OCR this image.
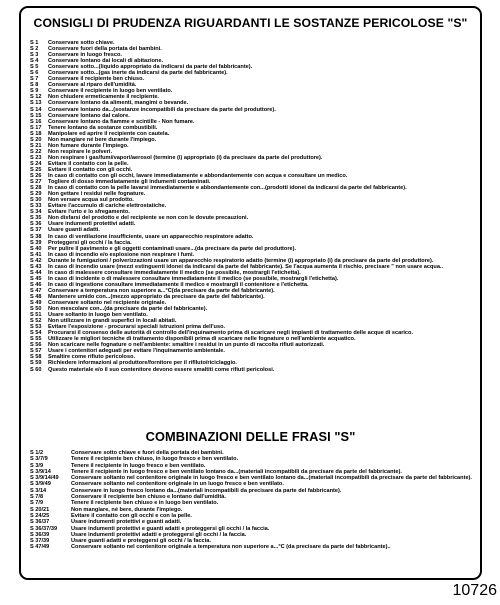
CONSIGLI DI PRUDENZA RIGUARDANTI LE SOSTANZE PERICOLOSE "S"
S 1	Conservare sotto chiave.
S 2	Conservare fuori della portata dei bambini.
S 3	Conservare in luogo fresco.
S 4	Conservare lontano dai locali di abitazione.
S 5	Conservare sotto...(liquido appropriato da indicarsi da parte del fabbricante).
S 6	Conservare sotto...(gas inerte da indicarsi da parte del fabbricante).
S 7	Conservare il recipiente ben chiuso.
S 8	Conservare al riparo dell'umidità.
S 9	Conservare il recipiente in luogo ben ventilato.
S 12	Non chiudere ermeticamente il recipiente.
S 13	Conservare lontano da alimenti, mangimi o bevande.
S 14	Conservare lontano da...(sostanze incompatibili da precisare da parte del produttore).
S 15	Conservare lontano dal calore.
S 16	Conservare lontano da fiamme e scintille - Non fumare.
S 17	Tenere lontano da sostanze combustibili.
S 18	Manipolare ed aprire il recipiente con cautela.
S 20	Non mangiare né bere durante l'impiego.
S 21	Non fumare durante l'impiego.
S 22	Non respirare le polveri.
S 23	Non respirare i gas/fumi/vapori/aerosol (termine (i) appropriato (i) da precisare da parte del produttore).
S 24	Evitare il contatto con la pelle.
S 25	Evitare il contatto con gli occhi.
S 26	In caso di contatto con gli occhi, lavare immediatamente e abbondantemente con acqua e consultare un medico.
S 27	Togliere di dosso immediatamente gli indumenti contaminati.
S 28	In caso di contatto con la pelle lavarsi immediatamente e abbondantemente con...(prodotti idonei da indicarsi da parte del fabbricante).
S 29	Non gettare i residui nelle fognature.
S 30	Non versare acqua sul prodotto.
S 33	Evitare l'accumulo di cariche elettrostatiche.
S 34	Evitare l'urto e lo sfregamento.
S 35	Non disfarsi del prodotto e del recipiente se non con le dovute precauzioni.
S 36	Usare indumenti protettivi adatti.
S 37	Usare guanti adatti.
S 38	In caso di ventilazione insufficiente, usare un apparecchio respiratore adatto.
S 39	Proteggersi gli occhi / la faccia.
S 40	Per pulire il pavimento e gli oggetti contaminati usare...(da precisare da parte del produttore).
S 41	In caso di incendio e/o esplosione non respirare i fumi.
S 42	Durante le fumigazioni / polverizzazioni usare un apparecchio respiratorio adatto (termine (i) appropriato (i) da precisare da parte del produttore).
S 43	In caso di incendio usare (mezzi estinguenti idonei da indicarsi da parte del fabbricante). Se l'acqua aumenta il rischio, precisare " non usare acqua..
S 44	In caso di malessere consultare immediatamente il medico (se possibile, mostrargli l'etichetta).
S 45	In caso di incidente o di malessere consultare immediatamente il medico (se possibile, mostrargli l'etichetta).
S 46	In caso di ingestione consultare immediatamente il medico e mostrargli il contenitore e l'etichetta.
S 47	Conservare a temperatura non superiore a...°C(da precisare da parte del fabbricante).
S 48	Mantenere umido con...(mezzo appropriato da precisare da parte del fabbricante).
S 49	Conservare soltanto nel recipiente originale.
S 50	Non mescolare con...(da precisare da parte del fabbricante).
S 51	Usare soltanto in luogo ben ventilato.
S 52	Non utilizzare in grandi superfici in locali abitati.
S 53	Evitare l'esposizione - procurarsi speciali istruzioni prima dell'uso.
S 54	Procurarsi il consenso delle autorità di controllo dell'inquinamento prima di scaricare negli impianti di trattamento delle acque di scarico.
S 55	Utilizzare le migliori tecniche di trattamento disponibili prima di scaricare nelle fognature o nell'ambiente acquatico.
S 56	Non scaricare nelle fognature o nell'ambiente: smaltire i residui in un punto di raccolta rifiuti autorizzati.
S 57	Usare i contenitori adeguati per evitare l'inquinamento ambientale.
S 58	Smaltire come rifiuto pericoloso.
S 59	Richiedere informazioni al produttore/fornitore per il riflluto/riciclaggio.
S 60	Questo materiale e/o il suo contenitore devono essere smaltiti come rifiuti pericolosi.
COMBINAZIONI DELLE FRASI "S"
S 1/2	Conservare sotto chiave e fuori della portata dei bambini.
S 3/7/9	Tenere il recipiente ben chiuso, in luogo fresco e ben ventilato.
S 3/9	Tenere il recipiente in luogo fresco e ben ventilato.
S 3/9/14	Tenere il recipiente in luogo fresco e ben ventilato lontano da...(materiali incompatibili da precisare da parte del fabbricante).
S 3/9/14/49	Conservare soltanto nel contenitore originale in luogo fresco e ben ventilato lontano da...(materiali incompatibili da precisare da parte del fabbricante).
S 3/9/49	Conservare soltanto nel contenitore originale in un luogo fresco e ben ventilato.
S 3/14	Conservare in luogo fresco lontano da...(materiali incompatibili da precisare da parte del fabbricante).
S 7/8	Conservare il recipiente ben chiuso e lontano dall'umidità.
S 7/9	Tenere il recipiente ben chiuso e in luogo ben ventilato.
S 20/21	Non mangiare, né bere, durante l'impiego.
S 24/25	Evitare il contatto con gli occhi e con la pelle.
S 36/37	Usare indumenti protettivi e guanti adatti.
S 36/37/39	Usare indumenti protettivi e guanti adatti e proteggersi gli occhi / la faccia.
S 36/39	Usare indumenti protettivi adatti e proteggersi gli occhi / la faccia.
S 37/39	Usare guanti adatti e proteggersi gli occhi / la faccia.
S 47/49	Conservare soltanto nel contenitore originale a temperatura non superiore a...°C (da precisare da parte del fabbricante)..
10726
